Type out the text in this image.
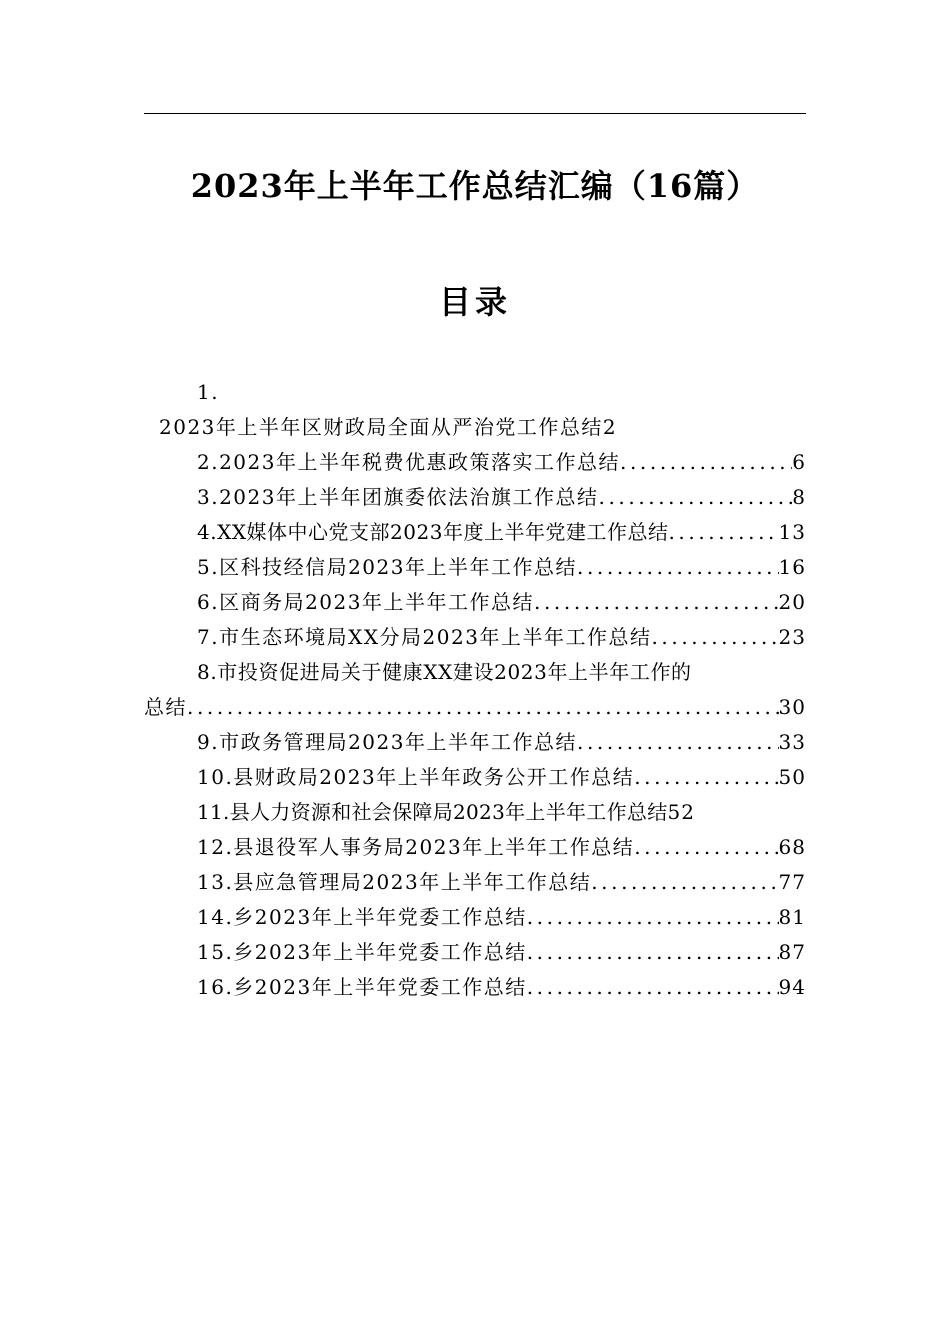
2023年上半年工作总结汇编（16篇）
目录
1.
2023年上半年区财政局全面从严治党工作总结2
2.2023年上半年税费优惠政策落实工作总结 .....	6
3.2023年上半年团旗委依法治旗工作总结 .....	8
4.XX媒体中心党支部2023年度上半年党建工作总结 .....	13
5.区科技经信局2023年上半年工作总结 .....	16
6.区商务局2023年上半年工作总结 .....	20
7.市生态环境局XX分局2023年上半年工作总结 .....	23
8.市投资促进局关于健康XX建设2023年上半年工作的
总结 .....	30
9.市政务管理局2023年上半年工作总结 .....	33
10.县财政局2023年上半年政务公开工作总结 .....	50
11.县人力资源和社会保障局2023年上半年工作总结 52
12.县退役军人事务局2023年上半年工作总结 .....	68
13.县应急管理局2023年上半年工作总结 .....	77
14.乡2023年上半年党委工作总结 .....	81
15.乡2023年上半年党委工作总结 .....	87
16.乡2023年上半年党委工作总结 .....	94
